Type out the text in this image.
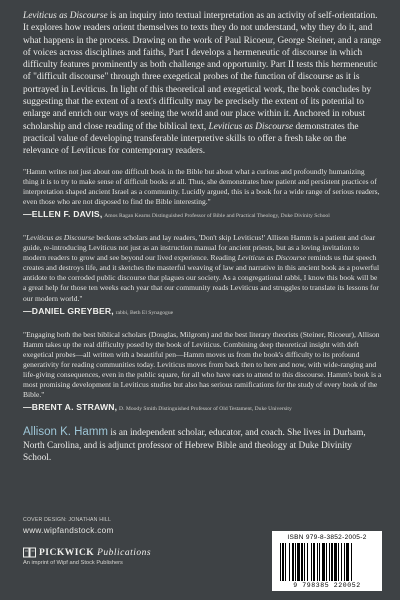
Leviticus as Discourse is an inquiry into textual interpretation as an activity of self-orientation. It explores how readers orient themselves to texts they do not understand, why they do it, and what happens in the process. Drawing on the work of Paul Ricoeur, George Steiner, and a range of voices across disciplines and faiths, Part I develops a hermeneutic of discourse in which difficulty features prominently as both challenge and opportunity. Part II tests this hermeneutic of "difficult discourse" through three exegetical probes of the function of discourse as it is portrayed in Leviticus. In light of this theoretical and exegetical work, the book concludes by suggesting that the extent of a text's difficulty may be precisely the extent of its potential to enlarge and enrich our ways of seeing the world and our place within it. Anchored in robust scholarship and close reading of the biblical text, Leviticus as Discourse demonstrates the practical value of developing transferable interpretive skills to offer a fresh take on the relevance of Leviticus for contemporary readers.

"Hamm writes not just about one difficult book in the Bible but about what a curious and profoundly humanizing thing it is to try to make sense of difficult books at all. Thus, she demonstrates how patient and persistent practices of interpretation shaped ancient Israel as a community. Lucidly argued, this is a book for a wide range of serious readers, even those who are not disposed to find the Bible interesting."

—ELLEN F. DAVIS, Amos Ragan Kearns Distinguished Professor of Bible and Practical Theology, Duke Divinity School

"Leviticus as Discourse beckons scholars and lay readers, 'Don't skip Leviticus!' Allison Hamm is a patient and clear guide, re-introducing Leviticus not just as an instruction manual for ancient priests, but as a loving invitation to modern readers to grow and see beyond our lived experience. Reading Leviticus as Discourse reminds us that speech creates and destroys life, and it sketches the masterful weaving of law and narrative in this ancient book as a powerful antidote to the corroded public discourse that plagues our society. As a congregational rabbi, I know this book will be a great help for those ten weeks each year that our community reads Leviticus and struggles to translate its lessons for our modern world."

—DANIEL GREYBER, rabbi, Beth El Synagogue

"Engaging both the best biblical scholars (Douglas, Milgrom) and the best literary theorists (Steiner, Ricoeur), Allison Hamm takes up the real difficulty posed by the book of Leviticus. Combining deep theoretical insight with deft exegetical probes—all written with a beautiful pen—Hamm moves us from the book's difficulty to its profound generativity for reading communities today. Leviticus moves from back then to here and now, with wide-ranging and life-giving consequences, even in the public square, for all who have ears to attend to this discourse. Hamm's book is a most promising development in Leviticus studies but also has serious ramifications for the study of every book of the Bible."

—BRENT A. STRAWN, D. Moody Smith Distinguished Professor of Old Testament, Duke University

Allison K. Hamm is an independent scholar, educator, and coach. She lives in Durham, North Carolina, and is adjunct professor of Hebrew Bible and theology at Duke Divinity School.

COVER DESIGN: JONATHAN HILL
www.wipfandstock.com
PICKWICK Publications
An imprint of Wipf and Stock Publishers
ISBN 979-8-3852-2005-2
9 798385 220052
